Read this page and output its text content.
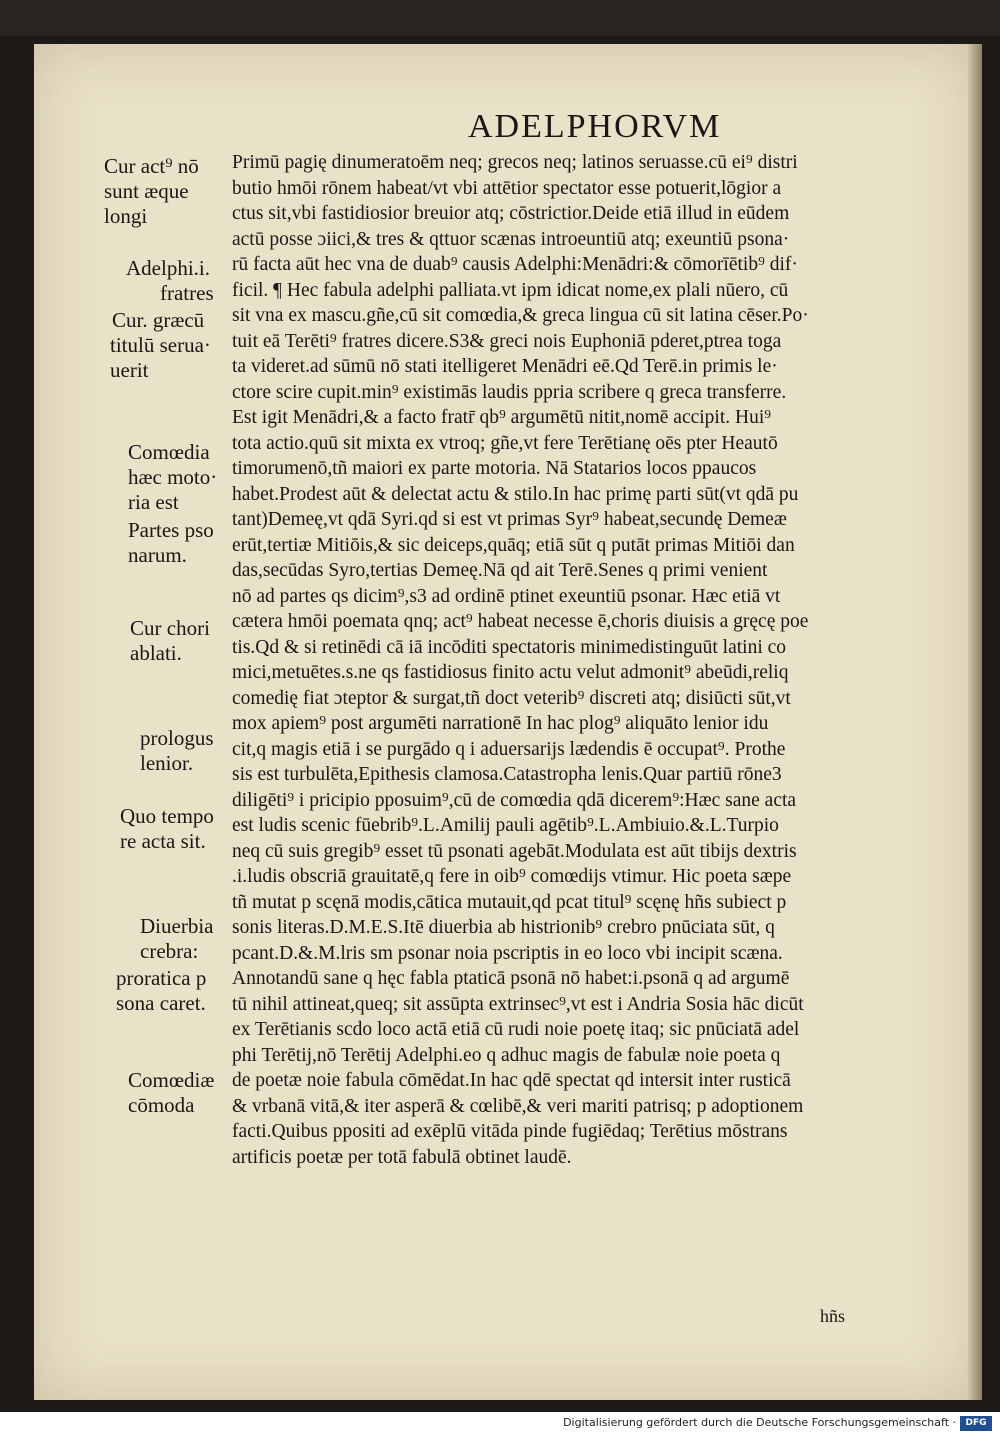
ADELPHORVM
Cur act⁹ nō
sunt æque
longi
Adelphi.i.
fratres
Cur. græcū
titulū serua·
uerit
Comœdia
hæc moto·
ria est
Partes pso
narum.
Cur chori
ablati.
prologus
lenior.
Quo tempo
re acta sit.
Diuerbia
crebra:
proratica p
sona caret.
Comœdiæ
cōmoda
Primū pagię dinumeratoēm neq; grecos neq; latinos seruasse.cū ei⁹ distri
butio hmōi rōnem habeat/vt vbi attētior spectator esse potuerit,lōgior a
ctus sit,vbi fastidiosior breuior atq; cōstrictior.Deide etiā illud in eūdem
actū posse ɔiici,& tres & qttuor scænas introeuntiū atq; exeuntiū psona·
rū facta aūt hec vna de duab⁹ causis Adelphi:Menādri:& cōmorīētib⁹ dif·
ficil. ¶ Hec fabula adelphi palliata.vt ipm idicat nome,ex plali nūero, cū
sit vna ex mascu.gñe,cū sit comœdia,& greca lingua cū sit latina cēser.Po·
tuit eā Terēti⁹ fratres dicere.S3& greci nois Euphoniā pderet,ptrea toga
ta videret.ad sūmū nō stati itelligeret Menādri eē.Qd Terē.in primis le·
ctore scire cupit.min⁹ existimās laudis ppria scribere q greca transferre.
Est igit Menādri,& a facto fratr̄ qb⁹ argumētū nitit,nomē accipit. Hui⁹
tota actio.quū sit mixta ex vtroq; gñe,vt fere Terētianę oēs pter Heautō
timorumenō,tñ maiori ex parte motoria. Nā Statarios locos ppaucos
habet.Prodest aūt & delectat actu & stilo.In hac primę parti sūt(vt qdā pu
tant)Demeę,vt qdā Syri.qd si est vt primas Syr⁹ habeat,secundę Demeæ
erūt,tertiæ Mitiōis,& sic deiceps,quāq; etiā sūt q putāt primas Mitiōi dan
das,secūdas Syro,tertias Demeę.Nā qd ait Terē.Senes q primi venient
nō ad partes qs dicim⁹,s3 ad ordinē ptinet exeuntiū psonar. Hæc etiā vt
cætera hmōi poemata qnq; act⁹ habeat necesse ē,choris diuisis a gręcę poe
tis.Qd & si retinēdi cā iā incōditi spectatoris minimedistinguūt latini co
mici,metuētes.s.ne qs fastidiosus finito actu velut admonit⁹ abeūdi,reliq
comedię fiat ɔteptor & surgat,tñ doct veterib⁹ discreti atq; disiūcti sūt,vt
mox apiem⁹ post argumēti narrationē In hac plog⁹ aliquāto lenior idu
cit,q magis etiā i se purgādo q i aduersarijs lædendis ē occupat⁹. Prothe
sis est turbulēta,Epithesis clamosa.Catastropha lenis.Quar partiū rōne3
diligēti⁹ i pricipio pposuim⁹,cū de comœdia qdā dicerem⁹:Hæc sane acta
est ludis scenic fūebrib⁹.L.Amilij pauli agētib⁹.L.Ambiuio.&.L.Turpio
neq cū suis gregib⁹ esset tū psonati agebāt.Modulata est aūt tibijs dextris
.i.ludis obscriā grauitatē,q fere in oib⁹ comœdijs vtimur. Hic poeta sæpe
tñ mutat p scęnā modis,cātica mutauit,qd pcat titul⁹ scęnę hñs subiect p
sonis literas.D.M.E.S.Itē diuerbia ab histrionib⁹ crebro pnūciata sūt, q
pcant.D.&.M.lris sm psonar noia pscriptis in eo loco vbi incipit scæna.
Annotandū sane q hęc fabla ptaticā psonā nō habet:i.psonā q ad argumē
tū nihil attineat,queq; sit assūpta extrinsec⁹,vt est i Andria Sosia hāc dicūt
ex Terētianis scdo loco actā etiā cū rudi noie poetę itaq; sic pnūciatā adel
phi Terētij,nō Terētij Adelphi.eo q adhuc magis de fabulæ noie poeta q
de poetæ noie fabula cōmēdat.In hac qdē spectat qd intersit inter rusticā
& vrbanā vitā,& iter asperā & cœlibē,& veri mariti patrisq; p adoptionem
facti.Quibus ppositi ad exēplū vitāda pinde fugiēdaq; Terētius mōstrans
artificis poetæ per totā fabulā obtinet laudē.
hñs
Digitalisierung gefördert durch die Deutsche Forschungsgemeinschaft ·	DFG
